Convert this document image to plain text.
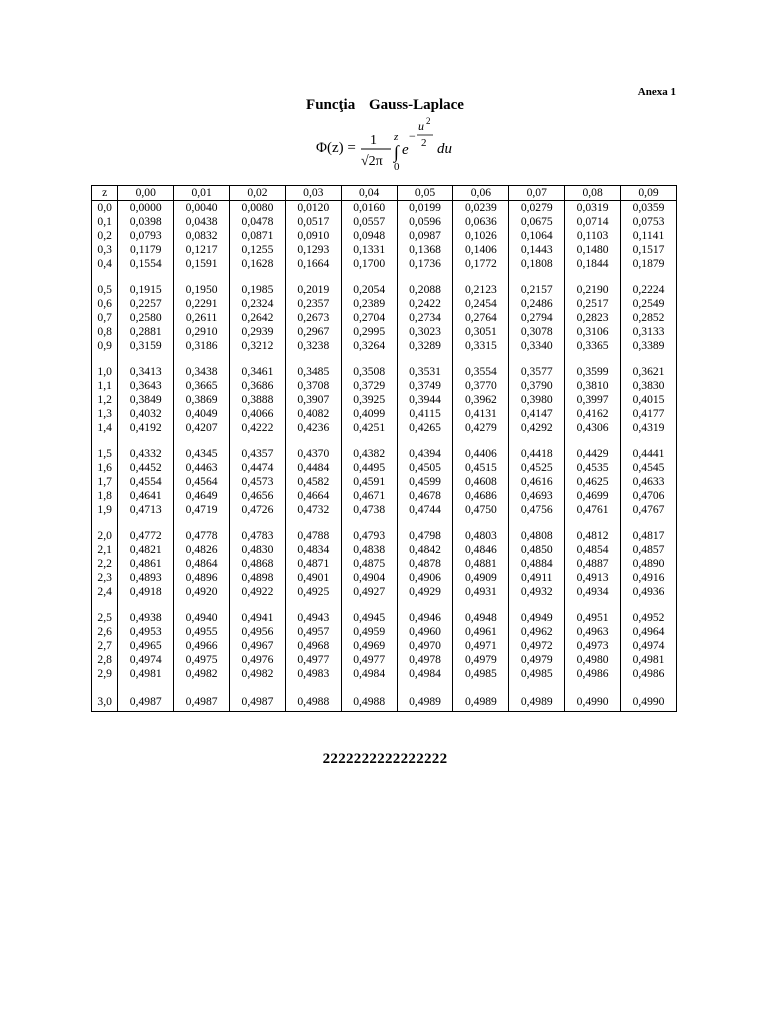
Anexa 1
Funcţia Gauss-Laplace
Φ(z) = 1
√2π
z
∫
0
e
−
u 2
2 du
z	0,00	0,01	0,02	0,03	0,04	0,05	0,06	0,07	0,08	0,09
0,0	0,0000	0,0040	0,0080	0,0120	0,0160	0,0199	0,0239	0,0279	0,0319	0,0359
0,1	0,0398	0,0438	0,0478	0,0517	0,0557	0,0596	0,0636	0,0675	0,0714	0,0753
0,2	0,0793	0,0832	0,0871	0,0910	0,0948	0,0987	0,1026	0,1064	0,1103	0,1141
0,3	0,1179	0,1217	0,1255	0,1293	0,1331	0,1368	0,1406	0,1443	0,1480	0,1517
0,4	0,1554	0,1591	0,1628	0,1664	0,1700	0,1736	0,1772	0,1808	0,1844	0,1879

0,5	0,1915	0,1950	0,1985	0,2019	0,2054	0,2088	0,2123	0,2157	0,2190	0,2224
0,6	0,2257	0,2291	0,2324	0,2357	0,2389	0,2422	0,2454	0,2486	0,2517	0,2549
0,7	0,2580	0,2611	0,2642	0,2673	0,2704	0,2734	0,2764	0,2794	0,2823	0,2852
0,8	0,2881	0,2910	0,2939	0,2967	0,2995	0,3023	0,3051	0,3078	0,3106	0,3133
0,9	0,3159	0,3186	0,3212	0,3238	0,3264	0,3289	0,3315	0,3340	0,3365	0,3389

1,0	0,3413	0,3438	0,3461	0,3485	0,3508	0,3531	0,3554	0,3577	0,3599	0,3621
1,1	0,3643	0,3665	0,3686	0,3708	0,3729	0,3749	0,3770	0,3790	0,3810	0,3830
1,2	0,3849	0,3869	0,3888	0,3907	0,3925	0,3944	0,3962	0,3980	0,3997	0,4015
1,3	0,4032	0,4049	0,4066	0,4082	0,4099	0,4115	0,4131	0,4147	0,4162	0,4177
1,4	0,4192	0,4207	0,4222	0,4236	0,4251	0,4265	0,4279	0,4292	0,4306	0,4319

1,5	0,4332	0,4345	0,4357	0,4370	0,4382	0,4394	0,4406	0,4418	0,4429	0,4441
1,6	0,4452	0,4463	0,4474	0,4484	0,4495	0,4505	0,4515	0,4525	0,4535	0,4545
1,7	0,4554	0,4564	0,4573	0,4582	0,4591	0,4599	0,4608	0,4616	0,4625	0,4633
1,8	0,4641	0,4649	0,4656	0,4664	0,4671	0,4678	0,4686	0,4693	0,4699	0,4706
1,9	0,4713	0,4719	0,4726	0,4732	0,4738	0,4744	0,4750	0,4756	0,4761	0,4767

2,0	0,4772	0,4778	0,4783	0,4788	0,4793	0,4798	0,4803	0,4808	0,4812	0,4817
2,1	0,4821	0,4826	0,4830	0,4834	0,4838	0,4842	0,4846	0,4850	0,4854	0,4857
2,2	0,4861	0,4864	0,4868	0,4871	0,4875	0,4878	0,4881	0,4884	0,4887	0,4890
2,3	0,4893	0,4896	0,4898	0,4901	0,4904	0,4906	0,4909	0,4911	0,4913	0,4916
2,4	0,4918	0,4920	0,4922	0,4925	0,4927	0,4929	0,4931	0,4932	0,4934	0,4936

2,5	0,4938	0,4940	0,4941	0,4943	0,4945	0,4946	0,4948	0,4949	0,4951	0,4952
2,6	0,4953	0,4955	0,4956	0,4957	0,4959	0,4960	0,4961	0,4962	0,4963	0,4964
2,7	0,4965	0,4966	0,4967	0,4968	0,4969	0,4970	0,4971	0,4972	0,4973	0,4974
2,8	0,4974	0,4975	0,4976	0,4977	0,4977	0,4978	0,4979	0,4979	0,4980	0,4981
2,9	0,4981	0,4982	0,4982	0,4983	0,4984	0,4984	0,4985	0,4985	0,4986	0,4986

3,0	0,4987	0,4987	0,4987	0,4988	0,4988	0,4989	0,4989	0,4989	0,4990	0,4990
2222222222222222
